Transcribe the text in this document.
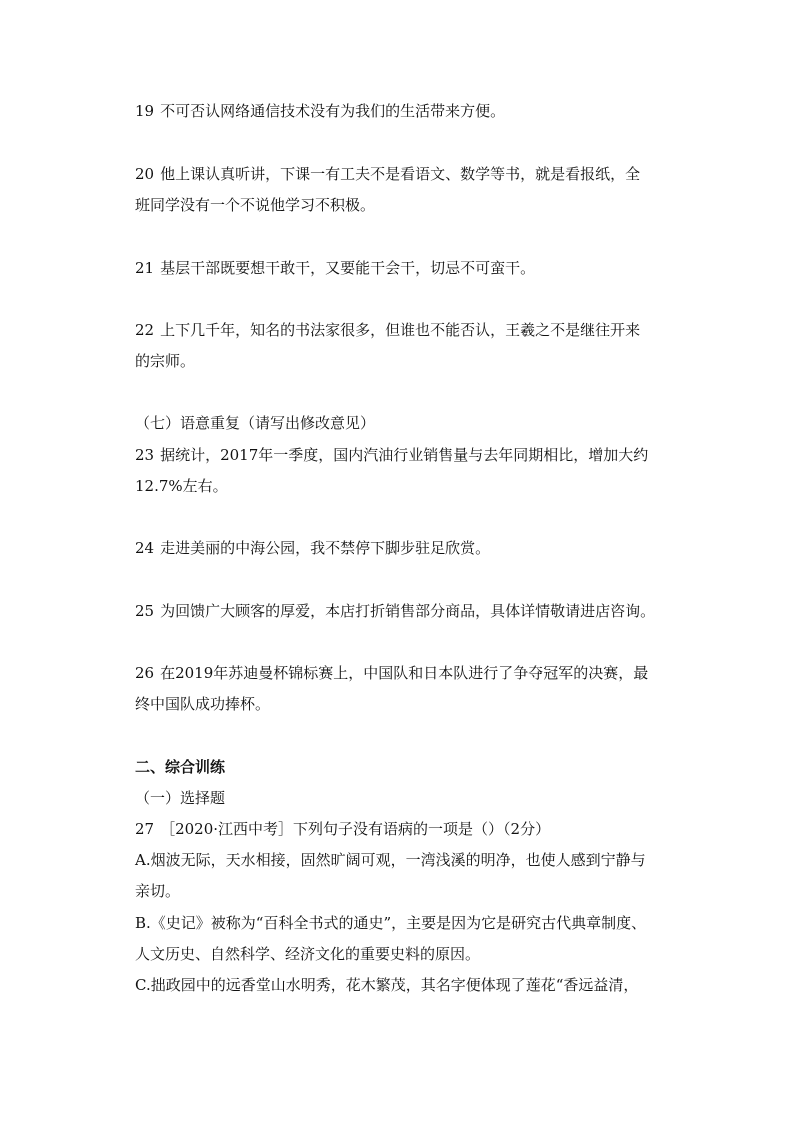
19 不可否认网络通信技术没有为我们的生活带来方便。
20 他上课认真听讲，下课一有工夫不是看语文、数学等书，就是看报纸，全
班同学没有一个不说他学习不积极。
21 基层干部既要想干敢干，又要能干会干，切忌不可蛮干。
22 上下几千年，知名的书法家很多，但谁也不能否认，王羲之不是继往开来
的宗师。
（七）语意重复（请写出修改意见）
23 据统计，2017年一季度，国内汽油行业销售量与去年同期相比，增加大约
12.7%左右。
24 走进美丽的中海公园，我不禁停下脚步驻足欣赏。
25 为回馈广大顾客的厚爱，本店打折销售部分商品，具体详情敬请进店咨询。
26 在2019年苏迪曼杯锦标赛上，中国队和日本队进行了争夺冠军的决赛，最
终中国队成功捧杯。
二、综合训练
（一）选择题
27 ［2020·江西中考］下列句子没有语病的一项是（）（2分）
A.烟波无际，天水相接，固然旷阔可观，一湾浅溪的明净，也使人感到宁静与
亲切。
B.《史记》被称为“百科全书式的通史”，主要是因为它是研究古代典章制度、
人文历史、自然科学、经济文化的重要史料的原因。
C.拙政园中的远香堂山水明秀，花木繁茂，其名字便体现了莲花“香远益清，
